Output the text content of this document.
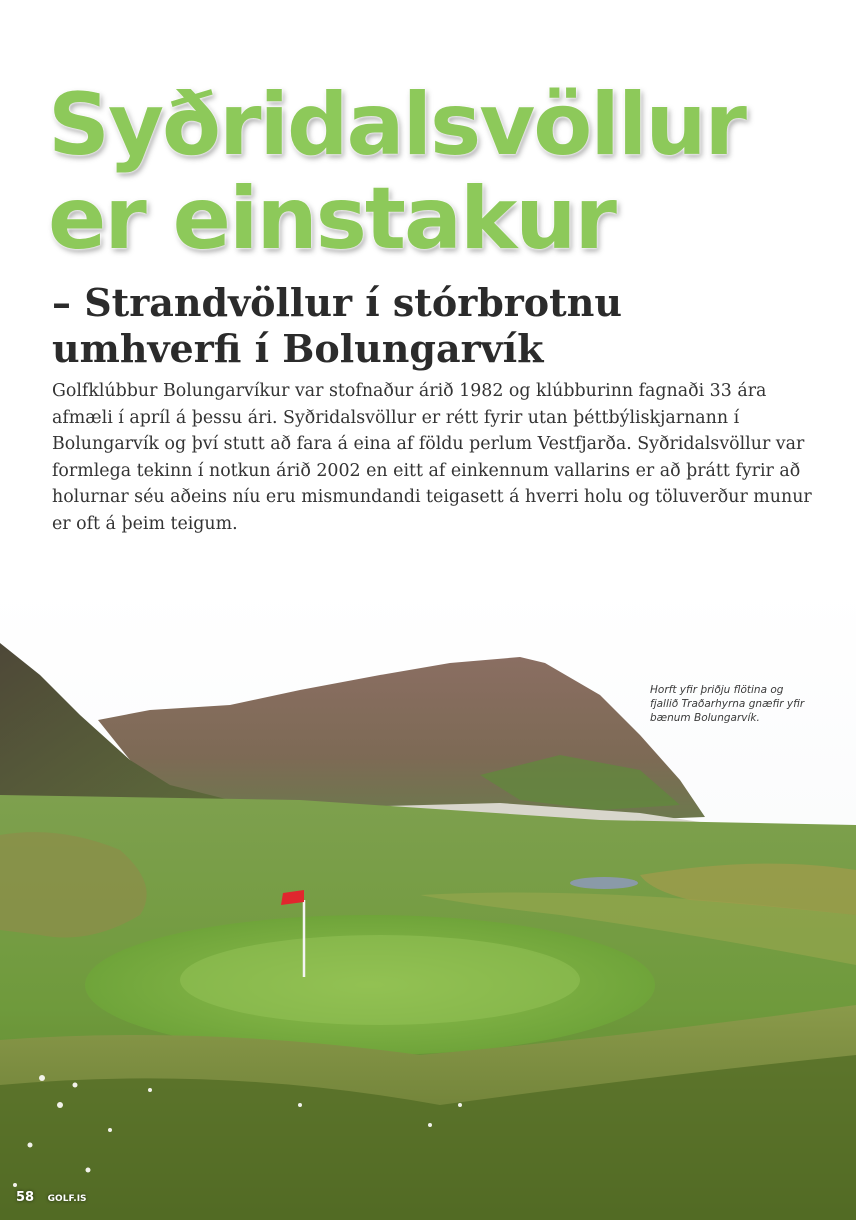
Syðridalsvöllur
er einstakur
– Strandvöllur í stórbrotnu
umhverfi í Bolungarvík

Golfklúbbur Bolungarvíkur var stofnaður árið 1982 og klúbburinn fagnaði 33 ára afmæli í apríl á þessu ári. Syðridalsvöllur er rétt fyrir utan þéttbýliskjarnann í Bolungarvík og því stutt að fara á eina af földu perlum Vestfjarða. Syðridalsvöllur var formlega tekinn í notkun árið 2002 en eitt af einkennum vallarins er að þrátt fyrir að holurnar séu aðeins níu eru mismundandi teigasett á hverri holu og töluverður munur er oft á þeim teigum.

Horft yfir þriðju flötina og fjallið Traðarhyrna gnæfir yfir bænum Bolungarvík.

58 GOLF.IS
